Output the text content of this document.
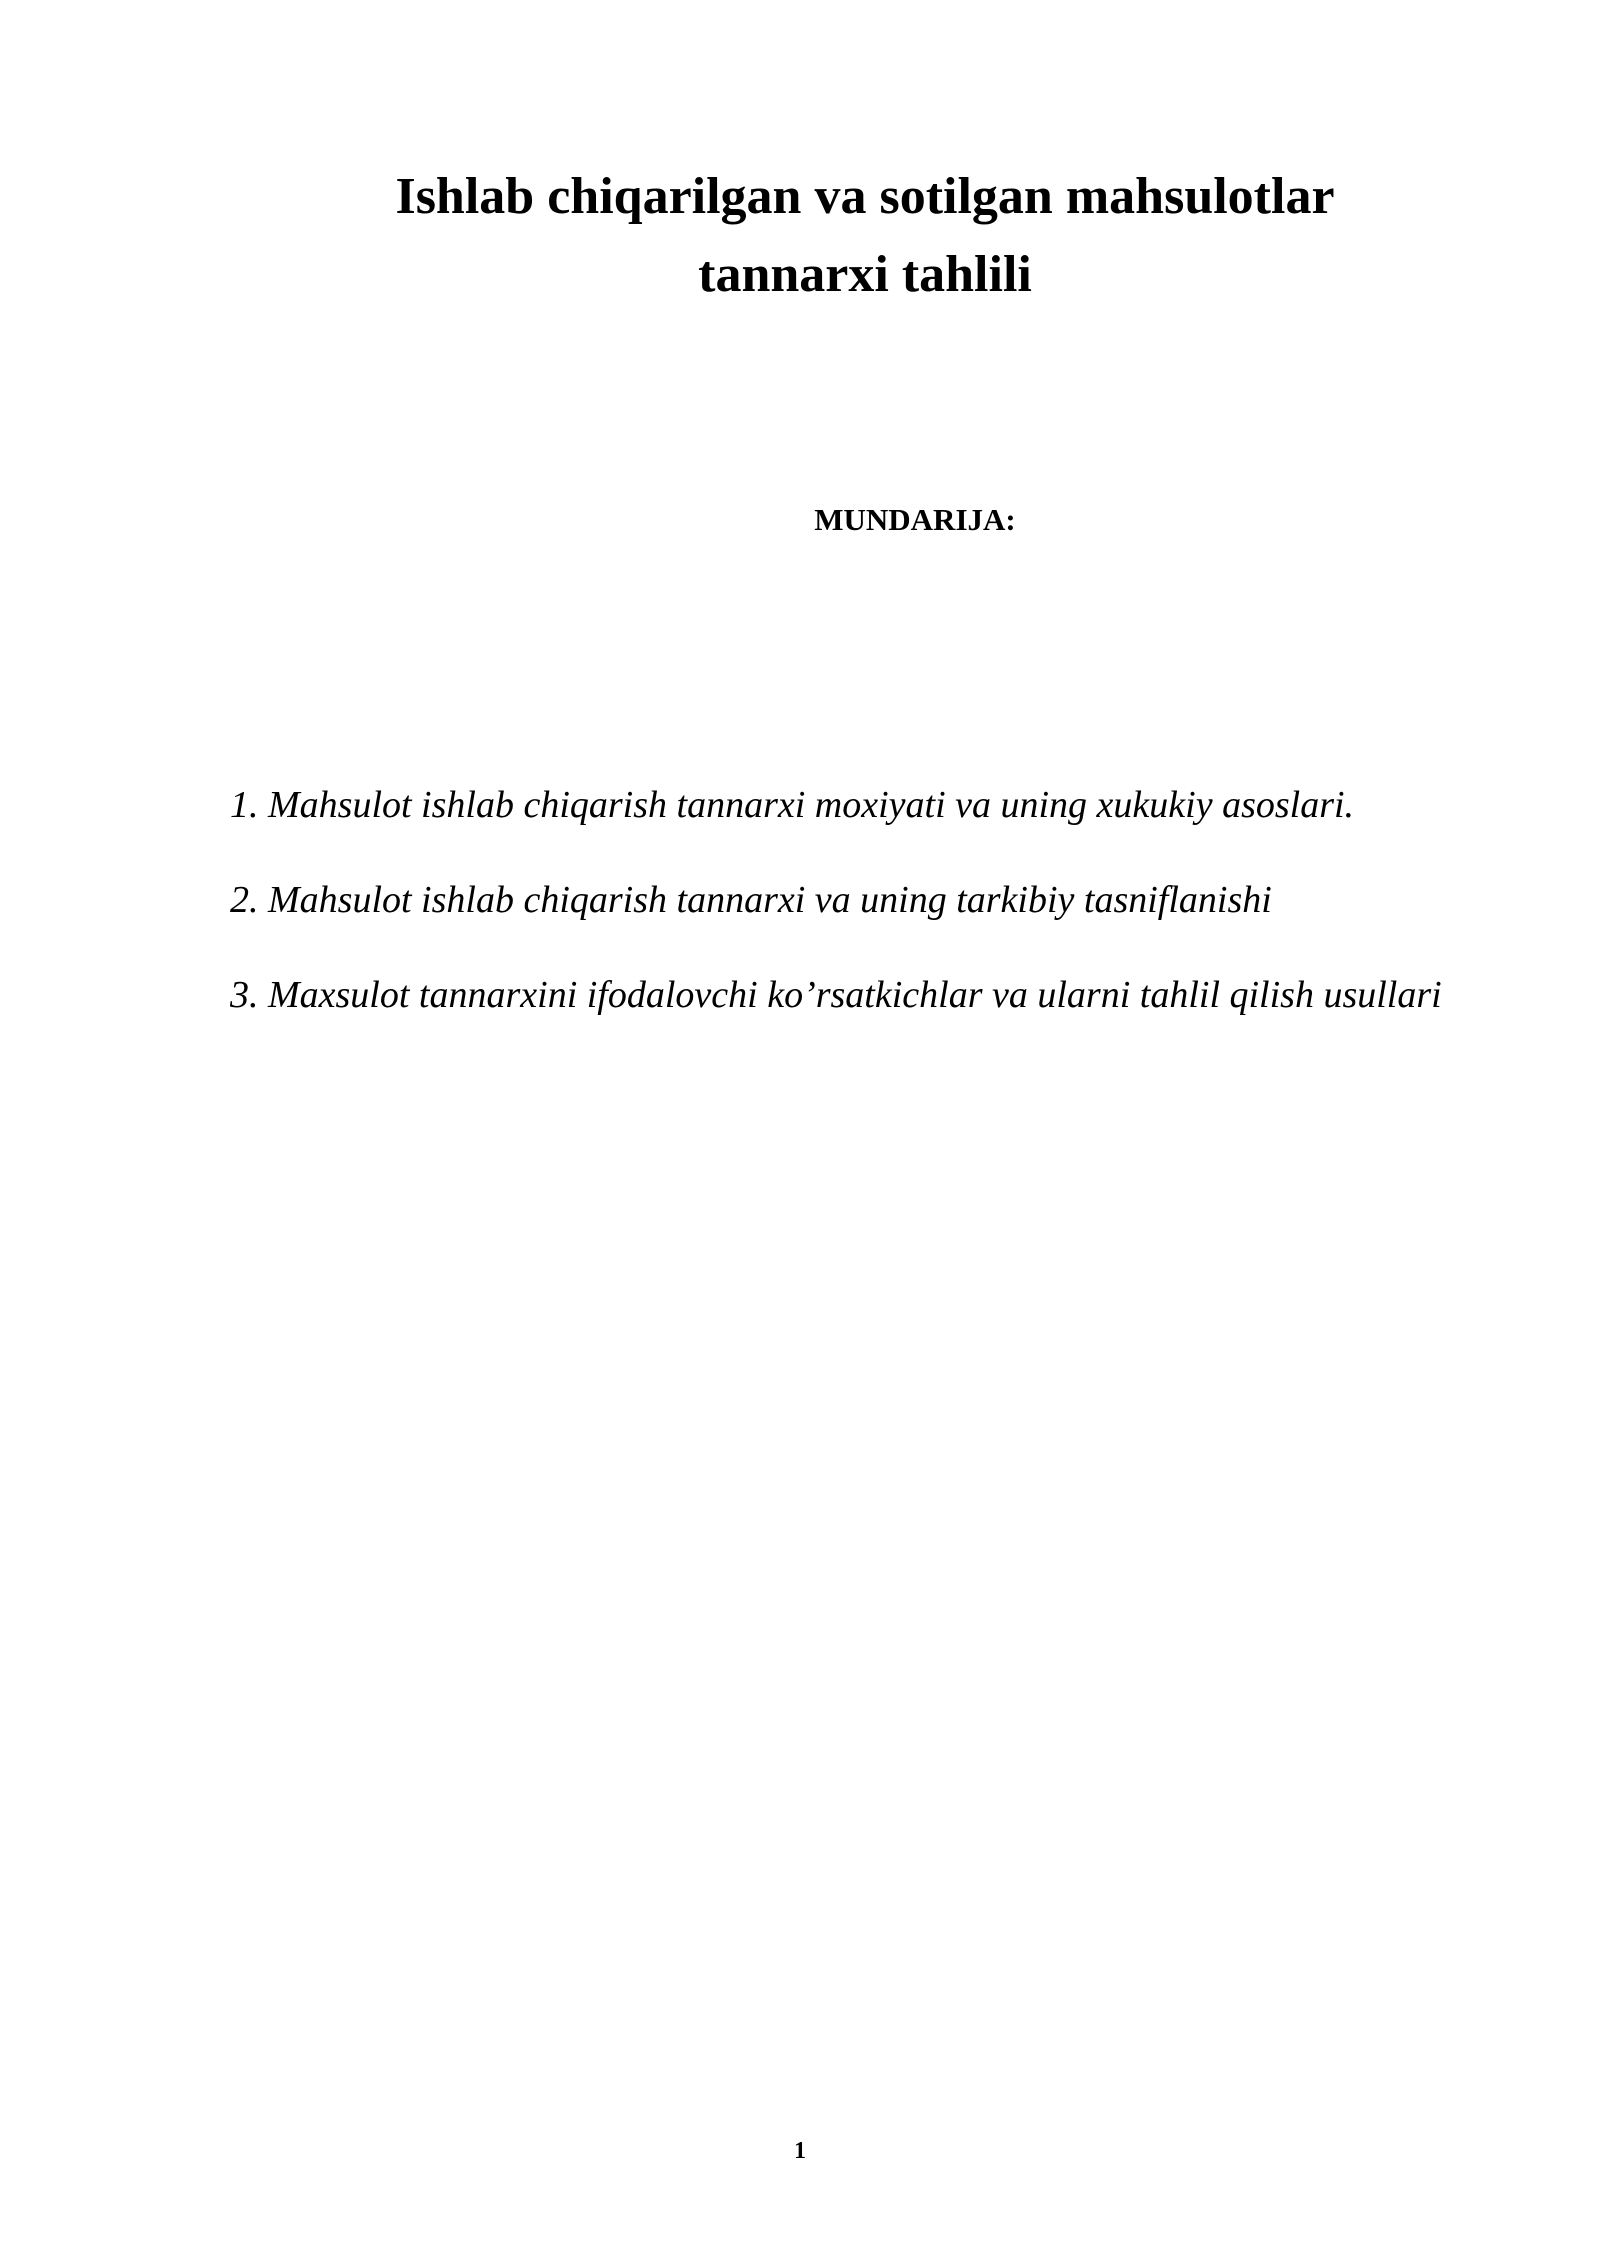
Ishlab chiqarilgan va sotilgan mahsulotlar
tannarxi tahlili
MUNDARIJA:
1. Mahsulot ishlab chiqarish tannarxi moxiyati va uning xukukiy asoslari.
2. Mahsulot ishlab chiqarish tannarxi va uning tarkibiy tasniflanishi
3. Maxsulot tannarxini ifodalovchi ko’rsatkichlar va ularni tahlil qilish usullari
1
